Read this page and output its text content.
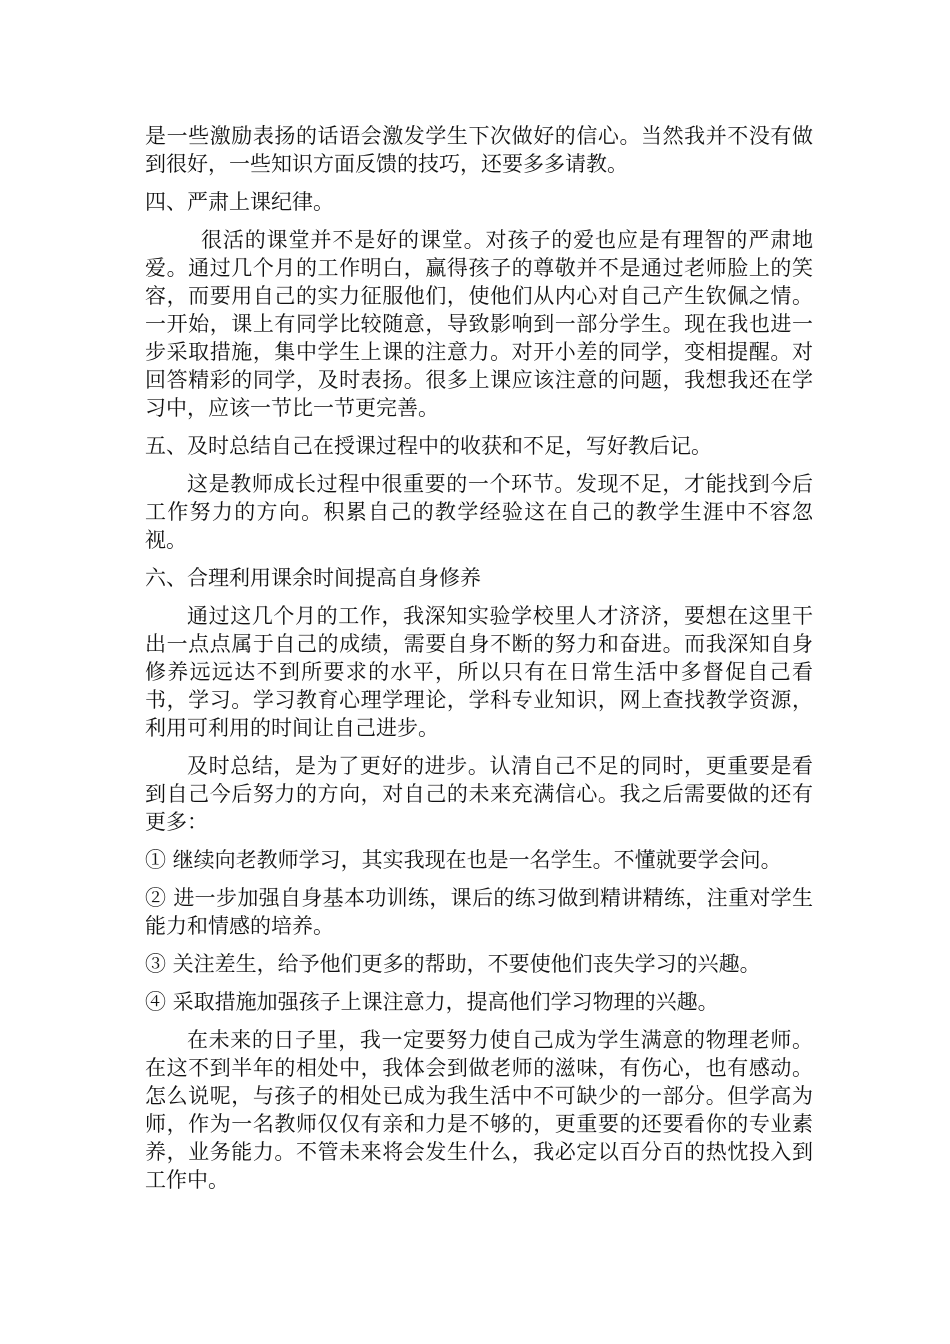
是一些激励表扬的话语会激发学生下次做好的信心。当然我并不没有做到很好，一些知识方面反馈的技巧，还要多多请教。

四、严肃上课纪律。

很活的课堂并不是好的课堂。对孩子的爱也应是有理智的严肃地爱。通过几个月的工作明白，赢得孩子的尊敬并不是通过老师脸上的笑容，而要用自己的实力征服他们，使他们从内心对自己产生钦佩之情。一开始，课上有同学比较随意，导致影响到一部分学生。现在我也进一步采取措施，集中学生上课的注意力。对开小差的同学，变相提醒。对回答精彩的同学，及时表扬。很多上课应该注意的问题，我想我还在学习中，应该一节比一节更完善。

五、及时总结自己在授课过程中的收获和不足，写好教后记。

这是教师成长过程中很重要的一个环节。发现不足，才能找到今后工作努力的方向。积累自己的教学经验这在自己的教学生涯中不容忽视。

六、合理利用课余时间提高自身修养

通过这几个月的工作，我深知实验学校里人才济济，要想在这里干出一点点属于自己的成绩，需要自身不断的努力和奋进。而我深知自身修养远远达不到所要求的水平，所以只有在日常生活中多督促自己看书，学习。学习教育心理学理论，学科专业知识，网上查找教学资源，利用可利用的时间让自己进步。

及时总结，是为了更好的进步。认清自己不足的同时，更重要是看到自己今后努力的方向，对自己的未来充满信心。我之后需要做的还有更多：

① 继续向老教师学习，其实我现在也是一名学生。不懂就要学会问。

② 进一步加强自身基本功训练，课后的练习做到精讲精练，注重对学生能力和情感的培养。

③ 关注差生，给予他们更多的帮助，不要使他们丧失学习的兴趣。

④ 采取措施加强孩子上课注意力，提高他们学习物理的兴趣。

在未来的日子里，我一定要努力使自己成为学生满意的物理老师。在这不到半年的相处中，我体会到做老师的滋味，有伤心，也有感动。怎么说呢，与孩子的相处已成为我生活中不可缺少的一部分。但学高为师，作为一名教师仅仅有亲和力是不够的，更重要的还要看你的专业素养，业务能力。不管未来将会发生什么，我必定以百分百的热忱投入到工作中。
